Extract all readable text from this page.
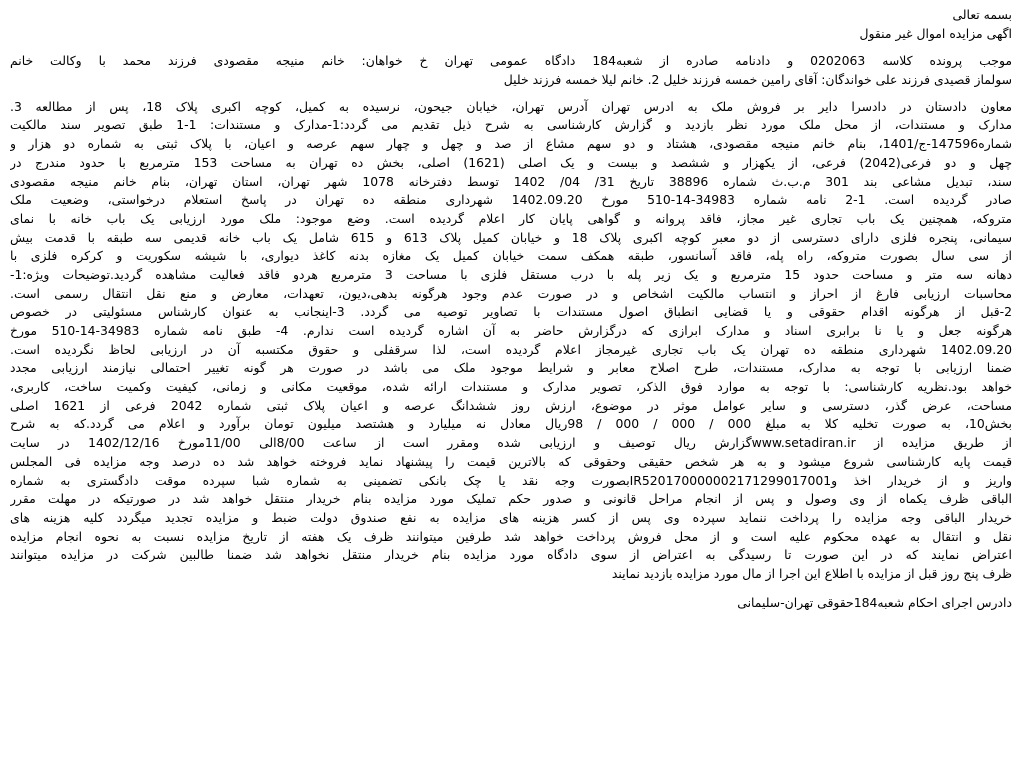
بسمه تعالی
اگهی مزایده اموال غیر منقول
موجب پرونده کلاسه 0202063 و دادنامه صادره از شعبه184 دادگاه عمومی تهران خ خواهان: خانم منیجه مقصودی فرزند محمد با وکالت خانم
سولماز قصیدی فرزند علی خواندگان: آقای رامین خمسه فرزند خلیل 2. خانم لیلا خمسه فرزند خلیل
معاون دادستان در دادسرا دایر بر فروش ملک به ادرس تهران آدرس تهران، خیابان جیحون، نرسیده به کمیل، کوچه اکبری پلاک 18، پس از مطالعه 3.
مدارک و مستندات، از محل ملک مورد نظر بازدید و گزارش کارشناسی به شرح ذیل تقدیم می گردد:1-مدارک و مستندات: 1-1 طبق تصویر سند مالکیت
شماره147596-ج/1401، بنام خانم منیجه مقصودی، هشتاد و دو سهم مشاع از صد و چهل و چهار سهم عرصه و اعیان، با پلاک ثبتی به شماره دو هزار و
چهل و دو فرعی(2042) فرعی، از یکهزار و ششصد و بیست و یک اصلی (1621) اصلی، بخش ده تهران به مساحت 153 مترمربع با حدود مندرج در
سند، تبدیل مشاعی بند 301 م.ب.ث شماره 38896 تاریخ 31/ 04/ 1402 توسط دفترخانه 1078 شهر تهران، استان تهران، بنام خانم منیجه مقصودی
صادر گردیده است. 1-2 نامه شماره 34983-14-510 مورخ 1402.09.20 شهرداری منطقه ده تهران در پاسخ استعلام درخواستی، وضعیت ملک
متروکه، همچنین یک باب تجاری غیر مجاز، فاقد پروانه و گواهی پایان کار اعلام گردیده است. وضع موجود: ملک مورد ارزیابی یک باب خانه با نمای
سیمانی، پنجره فلزی دارای دسترسی از دو معبر کوچه اکبری پلاک 18 و خیابان کمیل پلاک 613 و 615 شامل یک باب خانه قدیمی سه طبقه با قدمت بیش
از سی سال بصورت متروکه، راه پله، فاقد آسانسور، طبقه همکف سمت خیابان کمیل یک مغازه بدنه کاغذ دیواری، با شیشه سکوریت و کرکره فلزی با
دهانه سه متر و مساحت حدود 15 مترمربع و یک زیر پله با درب مستقل فلزی با مساحت 3 مترمربع هردو فاقد فعالیت مشاهده گردید.توضیحات ویژه:1-
محاسبات ارزیابی فارغ از احراز و انتساب مالکیت اشخاص و در صورت عدم وجود هرگونه بدهی،دیون، تعهدات، معارض و منع نقل انتقال رسمی است.
2-قبل از هرگونه اقدام حقوقی و یا قضایی انطباق اصول مستندات با تصاویر توصیه می گردد. 3-اینجانب به عنوان کارشناس مسئولیتی در خصوص
هرگونه جعل و یا نا برابری اسناد و مدارک ابرازی که درگزارش حاضر به آن اشاره گردیده است ندارم. 4- طبق نامه شماره 34983-14-510 مورخ
1402.09.20 شهرداری منطقه ده تهران یک باب تجاری غیرمجاز اعلام گردیده است، لذا سرقفلی و حقوق مکتسبه آن در ارزیابی لحاظ نگردیده است.
ضمنا ارزیابی با توجه به مدارک، مستندات، طرح اصلاح معابر و شرایط موجود ملک می باشد در صورت هر گونه تغییر احتمالی نیازمند ارزیابی مجدد
خواهد بود.نظریه کارشناسی: با توجه به موارد فوق الذکر، تصویر مدارک و مستندات ارائه شده، موقعیت مکانی و زمانی، کیفیت وکمیت ساخت، کاربری،
مساحت، عرض گذر، دسترسی و سایر عوامل موثر در موضوع، ارزش روز ششدانگ عرصه و اعیان پلاک ثبتی شماره 2042 فرعی از 1621 اصلی
بخش10، به صورت تخلیه کلا به مبلغ 000 / 000 / 000 / 98ریال معادل نه میلیارد و هشتصد میلیون تومان برآورد و اعلام می گردد.که به شرح
از طریق مزایده از www.setadiran.irگزارش ریال توصیف و ارزیابی شده ومقرر است از ساعت 8/00الی 11/00مورخ 1402/12/16 در سایت
قیمت پایه کارشناسی شروع میشود و به هر شخص حقیقی وحقوقی که بالاترین قیمت را پیشنهاد نماید فروخته خواهد شد ده درصد وجه مزایده فی المجلس
واریز و از خریدار اخذ وIR520170000002171299017001بصورت وجه نقد یا چک بانکی تضمینی به شماره شبا سپرده موقت دادگستری به شماره
الباقی ظرف یکماه از وی وصول و پس از انجام مراحل قانونی و صدور حکم تملیک مورد مزایده بنام خریدار منتقل خواهد شد در صورتیکه در مهلت مقرر
خریدار الباقی وجه مزایده را پرداخت ننماید سپرده وی پس از کسر هزینه های مزایده به نفع صندوق دولت ضبط و مزایده تجدید میگردد کلیه هزینه های
نقل و انتقال به عهده محکوم علیه است و از محل فروش پرداخت خواهد شد طرفین میتوانند ظرف یک هفته از تاریخ مزایده نسبت به نحوه انجام مزایده
اعتراض نمایند که در این صورت تا رسیدگی به اعتراض از سوی دادگاه مورد مزایده بنام خریدار منتقل نخواهد شد ضمنا طالبین شرکت در مزایده میتوانند
ظرف پنج روز قبل از مزایده با اطلاع این اجرا از مال مورد مزایده بازدید نمایند
دادرس اجرای احکام شعبه184حقوقی تهران-سلیمانی
